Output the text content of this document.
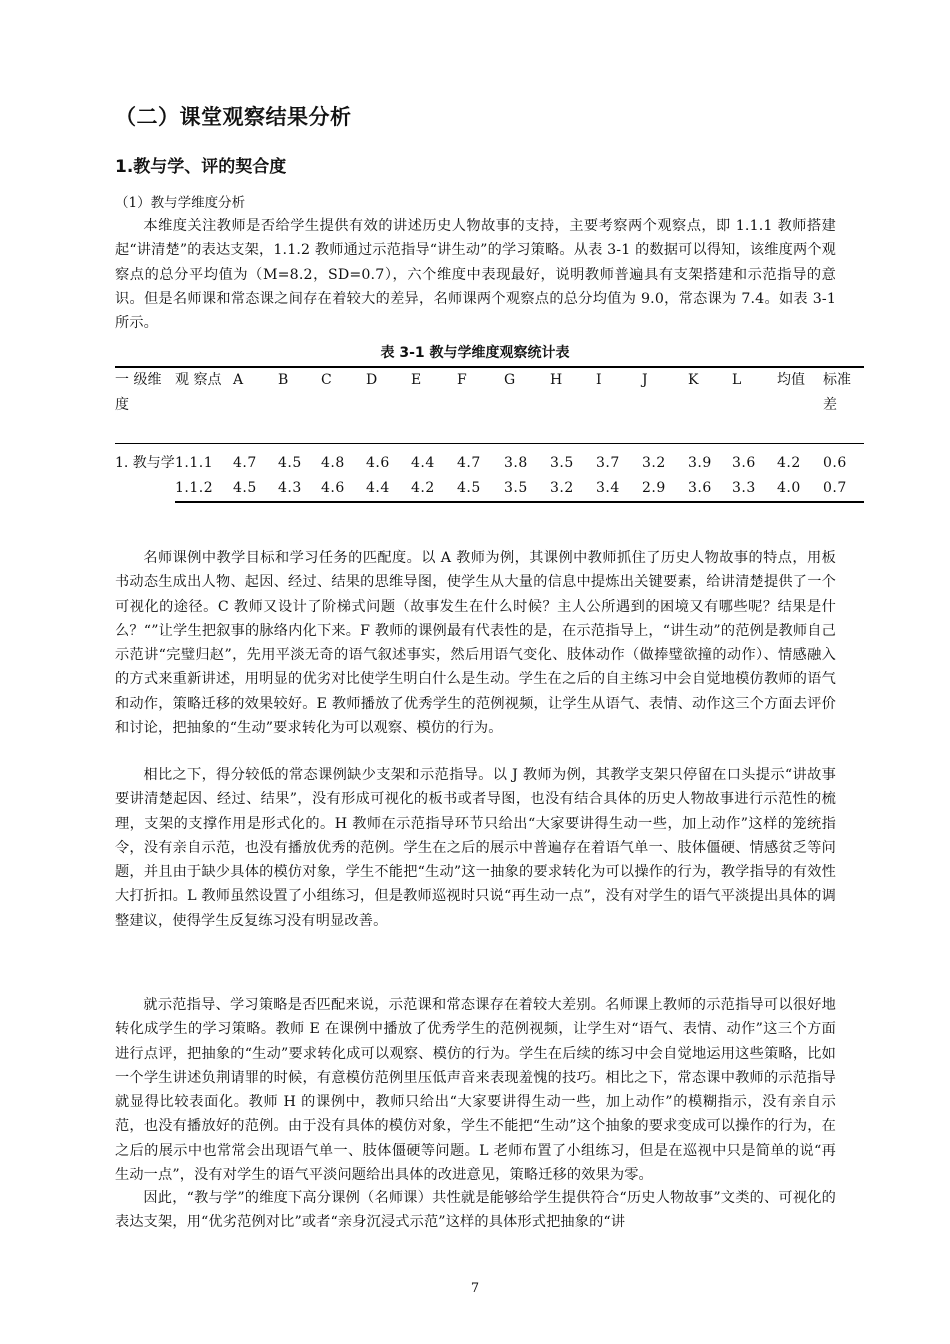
（二）课堂观察结果分析
1.教与学、评的契合度
（1）教与学维度分析

本维度关注教师是否给学生提供有效的讲述历史人物故事的支持，主要考察两个观察点，即 1.1.1 教师搭建起“讲清楚”的表达支架，1.1.2 教师通过示范指导“讲生动”的学习策略。从表 3-1 的数据可以得知，该维度两个观察点的总分平均值为（M=8.2，SD=0.7），六个维度中表现最好，说明教师普遍具有支架搭建和示范指导的意识。但是名师课和常态课之间存在着较大的差异，名师课两个观察点的总分均值为 9.0，常态课为 7.4。如表 3-1 所示。

表 3-1 教与学维度观察统计表
一 级维度	观 察点	A	B	C	D	E	F	G	H	I	J	K	L	均值	标准差
1. 教与学	1.1.1	4.7	4.5	4.8	4.6	4.4	4.7	3.8	3.5	3.7	3.2	3.9	3.6	4.2	0.6
	1.1.2	4.5	4.3	4.6	4.4	4.2	4.5	3.5	3.2	3.4	2.9	3.6	3.3	4.0	0.7

名师课例中教学目标和学习任务的匹配度。以 A 教师为例，其课例中教师抓住了历史人物故事的特点，用板书动态生成出人物、起因、经过、结果的思维导图，使学生从大量的信息中提炼出关键要素，给讲清楚提供了一个可视化的途径。C 教师又设计了阶梯式问题（故事发生在什么时候？主人公所遇到的困境又有哪些呢？结果是什么？“”让学生把叙事的脉络内化下来。F 教师的课例最有代表性的是，在示范指导上，“讲生动”的范例是教师自己示范讲“完璧归赵”，先用平淡无奇的语气叙述事实，然后用语气变化、肢体动作（做捧璧欲撞的动作）、情感融入的方式来重新讲述，用明显的优劣对比使学生明白什么是生动。学生在之后的自主练习中会自觉地模仿教师的语气和动作，策略迁移的效果较好。E 教师播放了优秀学生的范例视频，让学生从语气、表情、动作这三个方面去评价和讨论，把抽象的“生动”要求转化为可以观察、模仿的行为。

相比之下，得分较低的常态课例缺少支架和示范指导。以 J 教师为例，其教学支架只停留在口头提示“讲故事要讲清楚起因、经过、结果”，没有形成可视化的板书或者导图，也没有结合具体的历史人物故事进行示范性的梳理，支架的支撑作用是形式化的。H 教师在示范指导环节只给出“大家要讲得生动一些，加上动作”这样的笼统指令，没有亲自示范，也没有播放优秀的范例。学生在之后的展示中普遍存在着语气单一、肢体僵硬、情感贫乏等问题，并且由于缺少具体的模仿对象，学生不能把“生动”这一抽象的要求转化为可以操作的行为，教学指导的有效性大打折扣。L 教师虽然设置了小组练习，但是教师巡视时只说“再生动一点”，没有对学生的语气平淡提出具体的调整建议，使得学生反复练习没有明显改善。

就示范指导、学习策略是否匹配来说，示范课和常态课存在着较大差别。名师课上教师的示范指导可以很好地转化成学生的学习策略。教师 E 在课例中播放了优秀学生的范例视频，让学生对“语气、表情、动作”这三个方面进行点评，把抽象的“生动”要求转化成可以观察、模仿的行为。学生在后续的练习中会自觉地运用这些策略，比如一个学生讲述负荆请罪的时候，有意模仿范例里压低声音来表现羞愧的技巧。相比之下，常态课中教师的示范指导就显得比较表面化。教师 H 的课例中，教师只给出“大家要讲得生动一些，加上动作”的模糊指示，没有亲自示范，也没有播放好的范例。由于没有具体的模仿对象，学生不能把“生动”这个抽象的要求变成可以操作的行为，在之后的展示中也常常会出现语气单一、肢体僵硬等问题。L 老师布置了小组练习，但是在巡视中只是简单的说“再生动一点”，没有对学生的语气平淡问题给出具体的改进意见，策略迁移的效果为零。

因此，“教与学”的维度下高分课例（名师课）共性就是能够给学生提供符合“历史人物故事”文类的、可视化的表达支架，用“优劣范例对比”或者“亲身沉浸式示范”这样的具体形式把抽象的“讲

7
